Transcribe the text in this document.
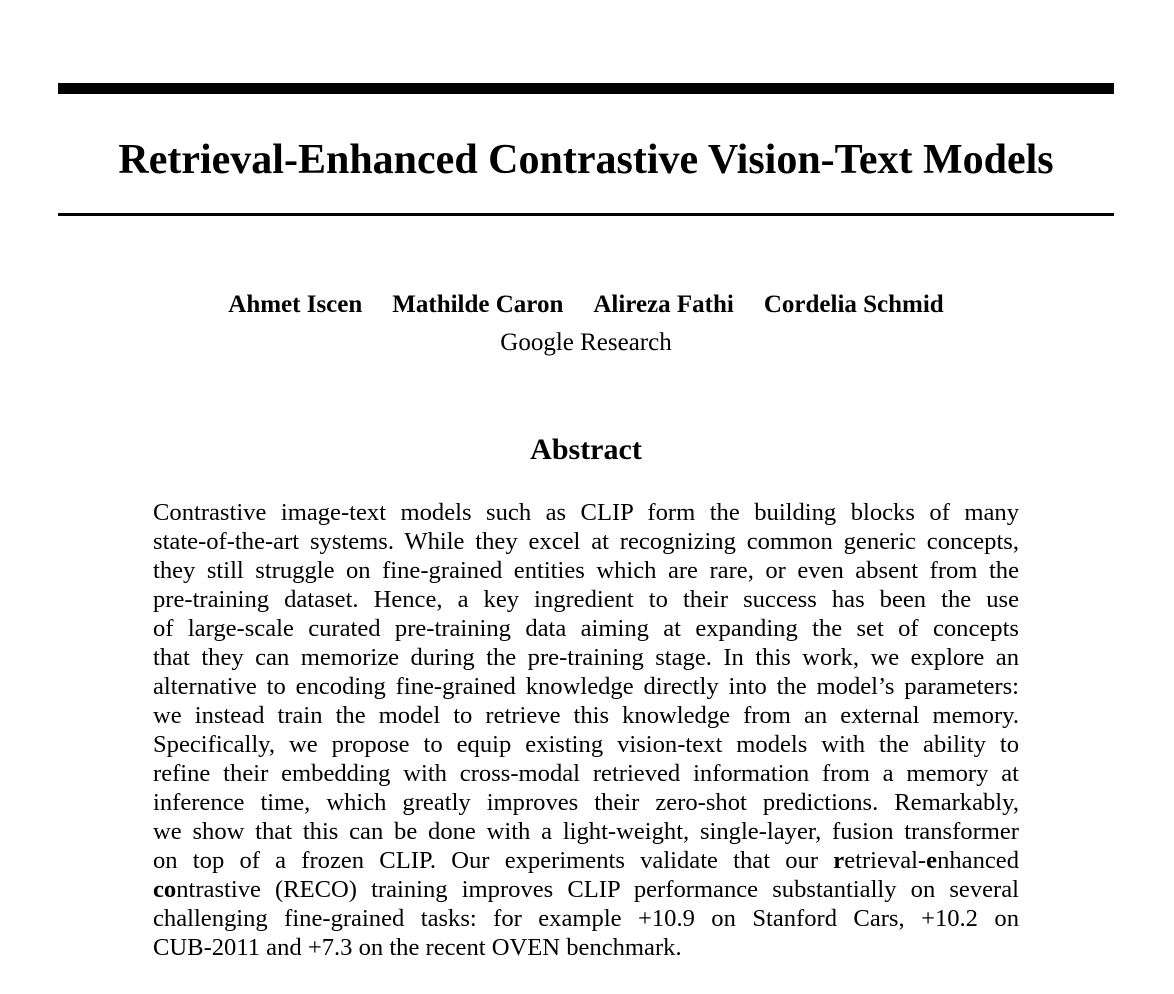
Retrieval-Enhanced Contrastive Vision-Text Models
Ahmet Iscen Mathilde Caron Alireza Fathi Cordelia Schmid
Google Research
Abstract
Contrastive image-text models such as CLIP form the building blocks of many
state-of-the-art systems. While they excel at recognizing common generic concepts,
they still struggle on fine-grained entities which are rare, or even absent from the
pre-training dataset. Hence, a key ingredient to their success has been the use
of large-scale curated pre-training data aiming at expanding the set of concepts
that they can memorize during the pre-training stage. In this work, we explore an
alternative to encoding fine-grained knowledge directly into the model’s parameters:
we instead train the model to retrieve this knowledge from an external memory.
Specifically, we propose to equip existing vision-text models with the ability to
refine their embedding with cross-modal retrieved information from a memory at
inference time, which greatly improves their zero-shot predictions. Remarkably,
we show that this can be done with a light-weight, single-layer, fusion transformer
on top of a frozen CLIP. Our experiments validate that our retrieval-enhanced
contrastive (RECO) training improves CLIP performance substantially on several
challenging fine-grained tasks: for example +10.9 on Stanford Cars, +10.2 on
CUB-2011 and +7.3 on the recent OVEN benchmark.
